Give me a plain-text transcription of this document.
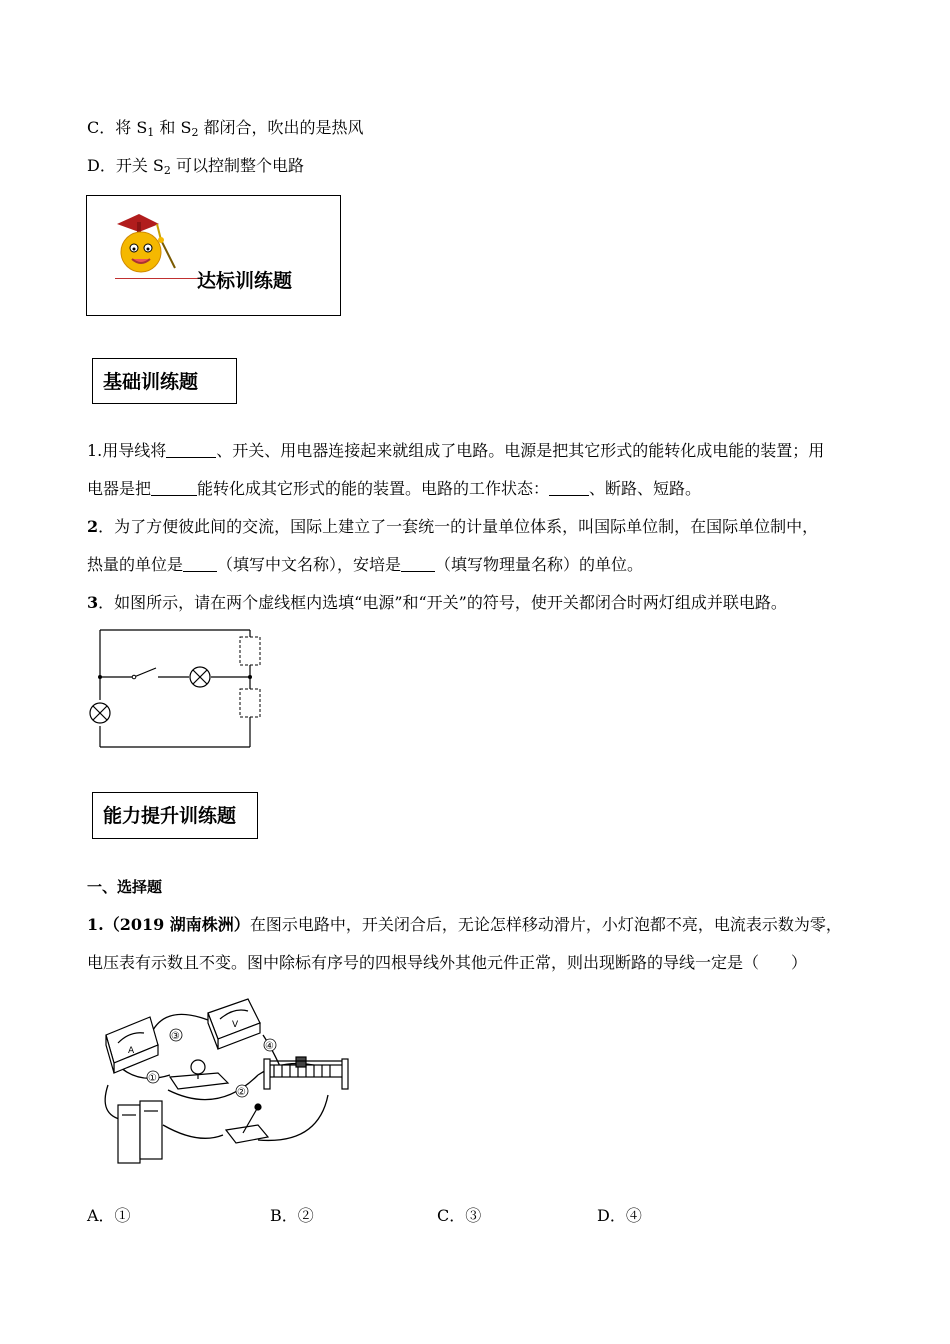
C．将 $S_1$ 和 $S_2$ 都闭合，吹出的是热风
D．开关 $S_2$ 可以控制整个电路
达标训练题
基础训练题
1.用导线将	、开关、用电器连接起来就组成了电路。电源是把其它形式的能转化成电能的装置；用
电器是把	能转化成其它形式的能的装置。电路的工作状态：	、断路、短路。
2．为了方便彼此间的交流，国际上建立了一套统一的计量单位体系，叫国际单位制，在国际单位制中，
热量的单位是 （填写中文名称），安培是 （填写物理量名称）的单位。
3．如图所示，请在两个虚线框内选填“电源”和“开关”的符号，使开关都闭合时两灯组成并联电路。
能力提升训练题
一、选择题
1.（2019 湖南株洲）在图示电路中，开关闭合后，无论怎样移动滑片，小灯泡都不亮，电流表示数为零，
电压表有示数且不变。图中除标有序号的四根导线外其他元件正常，则出现断路的导线一定是（　　）
A
V
①
②
③
④
A．①	B．②	C．③	D．④
